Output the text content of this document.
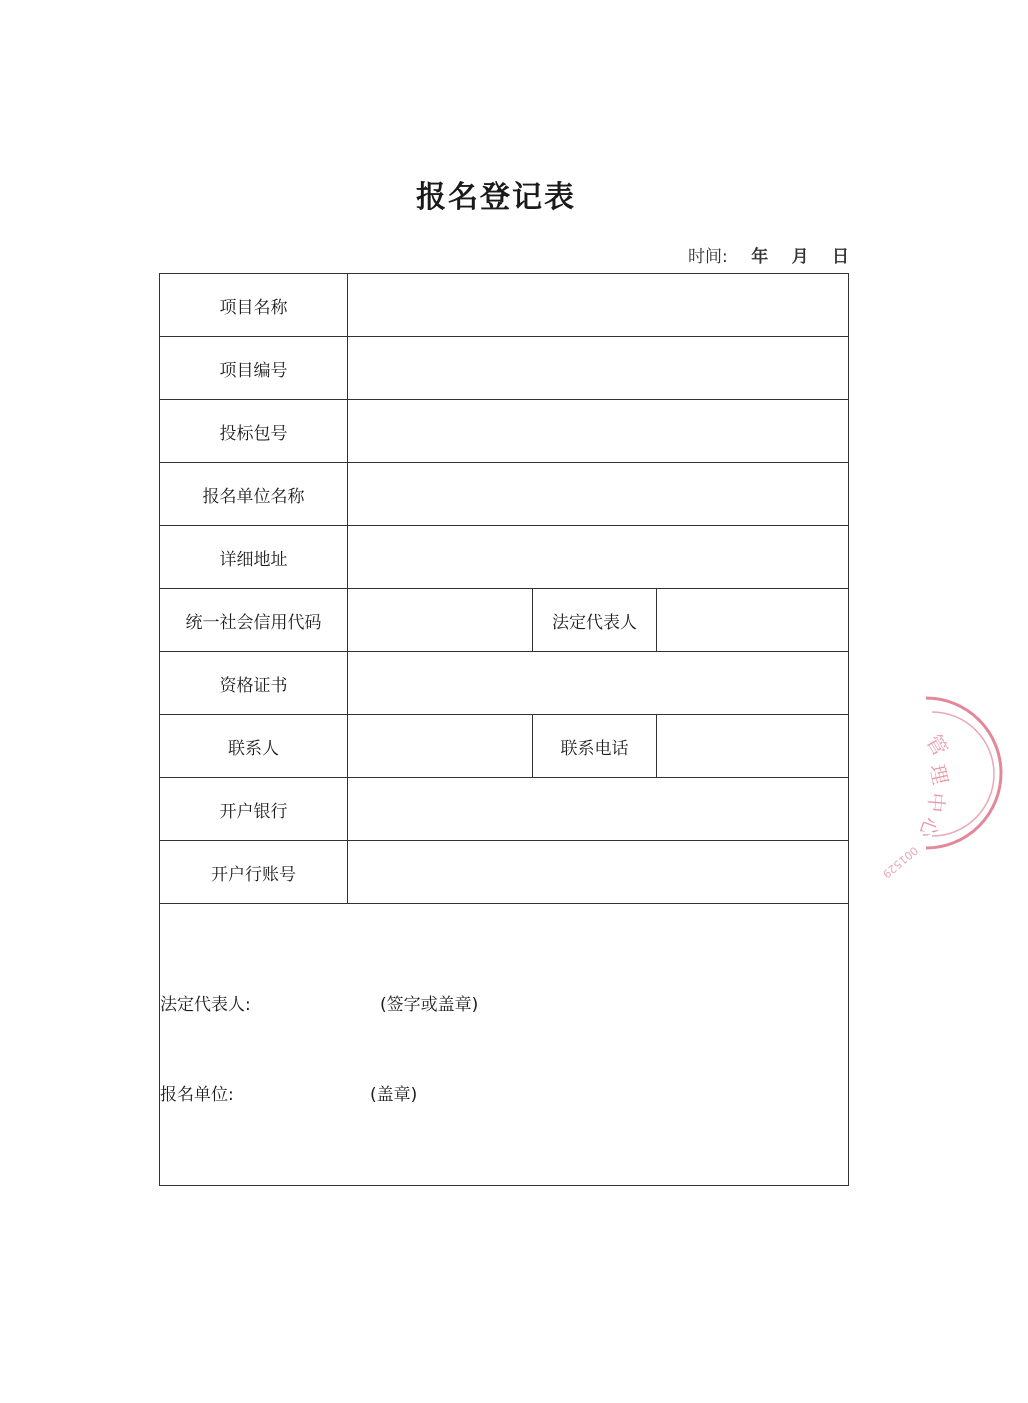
报名登记表
时间: 年 月 日
项目名称			
项目编号			
投标包号			
报名单位名称			
详细地址			
统一社会信用代码		法定代表人	
资格证书			
联系人		联系电话	
开户银行			
开户行账号			

法定代表人: (签字或盖章)
报名单位: (盖章)			
管
理
中
心
001529
